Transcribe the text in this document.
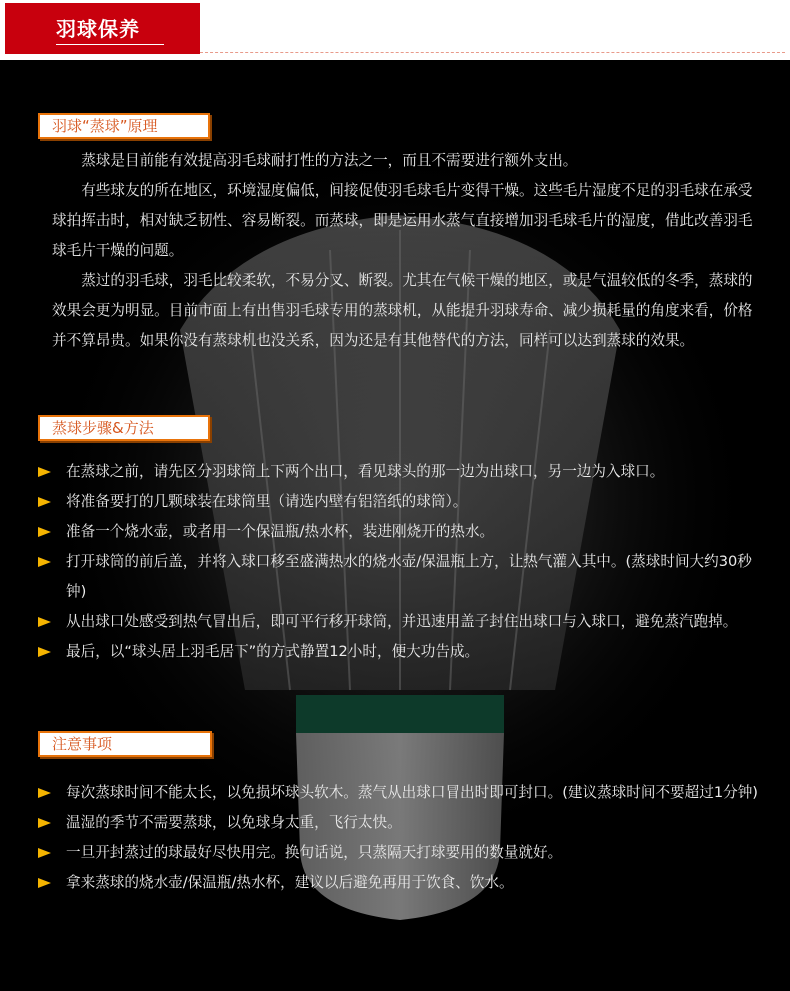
羽球保养
羽球“蒸球”原理

蒸球是目前能有效提高羽毛球耐打性的方法之一，而且不需要进行额外支出。

有些球友的所在地区，环境湿度偏低，间接促使羽毛球毛片变得干燥。这些毛片湿度不足的羽毛球在承受球拍挥击时，相对缺乏韧性、容易断裂。而蒸球，即是运用水蒸气直接增加羽毛球毛片的湿度，借此改善羽毛球毛片干燥的问题。

蒸过的羽毛球，羽毛比较柔软，不易分叉、断裂。尤其在气候干燥的地区，或是气温较低的冬季，蒸球的效果会更为明显。目前市面上有出售羽毛球专用的蒸球机，从能提升羽球寿命、减少损耗量的角度来看，价格并不算昂贵。如果你没有蒸球机也没关系，因为还是有其他替代的方法，同样可以达到蒸球的效果。

蒸球步骤&方法
在蒸球之前，请先区分羽球筒上下两个出口，看见球头的那一边为出球口，另一边为入球口。
将准备要打的几颗球装在球筒里（请选内壁有铝箔纸的球筒）。
准备一个烧水壶，或者用一个保温瓶/热水杯，装进刚烧开的热水。
打开球筒的前后盖，并将入球口移至盛满热水的烧水壶/保温瓶上方，让热气灌入其中。(蒸球时间大约30秒钟)
从出球口处感受到热气冒出后，即可平行移开球筒，并迅速用盖子封住出球口与入球口，避免蒸汽跑掉。
最后，以“球头居上羽毛居下”的方式静置12小时，便大功告成。
注意事项
每次蒸球时间不能太长，以免损坏球头软木。蒸气从出球口冒出时即可封口。(建议蒸球时间不要超过1分钟)
温湿的季节不需要蒸球，以免球身太重，飞行太快。
一旦开封蒸过的球最好尽快用完。换句话说，只蒸隔天打球要用的数量就好。
拿来蒸球的烧水壶/保温瓶/热水杯，建议以后避免再用于饮食、饮水。
